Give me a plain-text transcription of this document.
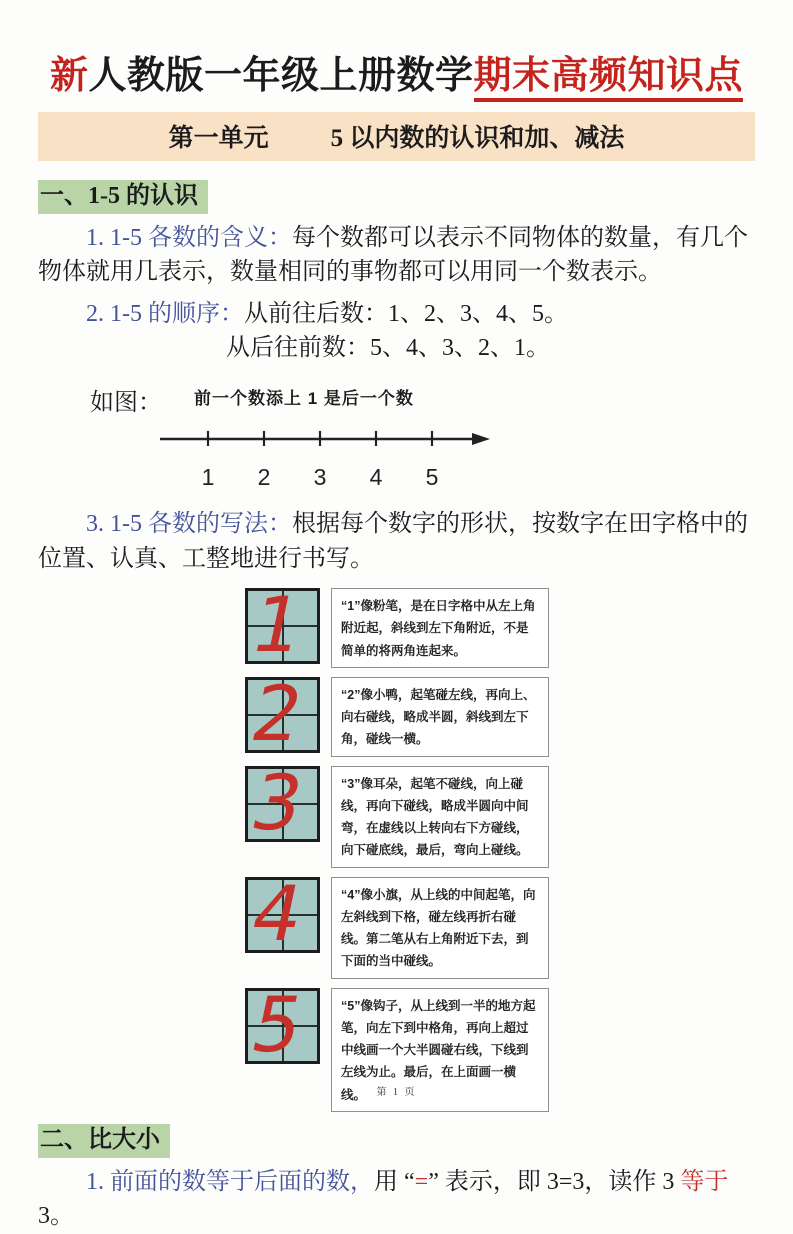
新人教版一年级上册数学期末高频知识点
第一单元 5 以内数的认识和加、减法
一、1-5 的认识
1. 1-5 各数的含义：每个数都可以表示不同物体的数量，有几个物体就用几表示，数量相同的事物都可以用同一个数表示。
2. 1-5 的顺序：从前往后数：1、2、3、4、5。
从后往前数：5、4、3、2、1。
如图： 前一个数添上 1 是后一个数
1 2 3 4 5
3. 1-5 各数的写法：根据每个数字的形状，按数字在田字格中的位置、认真、工整地进行书写。
1	“1”像粉笔，是在日字格中从左上角附近起，斜线到左下角附近，不是简单的将两角连起来。
2	“2”像小鸭，起笔碰左线，再向上、向右碰线，略成半圆，斜线到左下角，碰线一横。
3	“3”像耳朵，起笔不碰线，向上碰线，再向下碰线，略成半圆向中间弯，在虚线以上转向右下方碰线，向下碰底线，最后，弯向上碰线。
4	“4”像小旗，从上线的中间起笔，向左斜线到下格，碰左线再折右碰线。第二笔从右上角附近下去，到下面的当中碰线。
5	“5”像钩子，从上线到一半的地方起笔，向左下到中格角，再向上超过中线画一个大半圆碰右线，下线到左线为止。最后，在上面画一横线。
二、比大小
1. 前面的数等于后面的数，用 “=” 表示，即 3=3，读作 3 等于 3。
第 1 页
